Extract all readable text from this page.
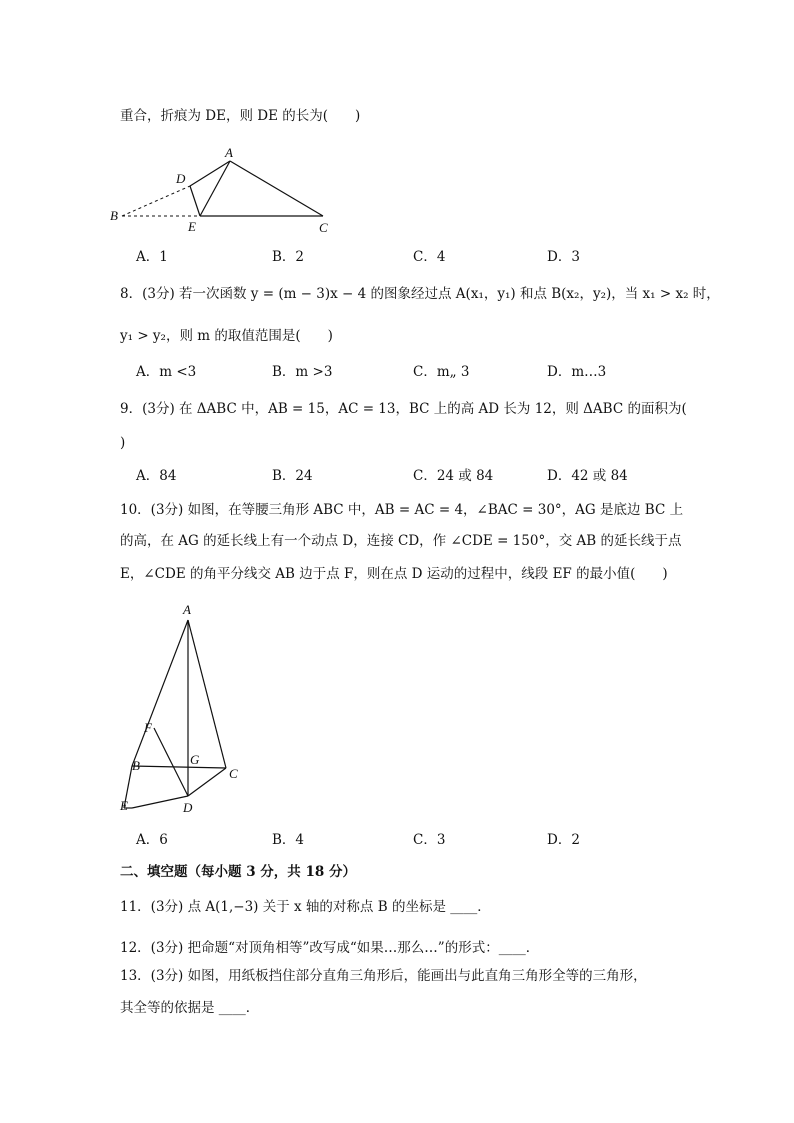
重合，折痕为 DE，则 DE 的长为(　　)
A
B
C
D
E
A．1	B．2	C．4	D．3
8．(3分) 若一次函数 y = (m − 3)x − 4 的图象经过点 A(x₁，y₁) 和点 B(x₂，y₂)，当 x₁ > x₂ 时，
y₁ > y₂，则 m 的取值范围是(　　)
A．m <3	B．m >3	C．m„ 3	D．m…3
9．(3分) 在 ΔABC 中，AB = 15，AC = 13，BC 上的高 AD 长为 12，则 ΔABC 的面积为(
)
A．84	B．24	C．24 或 84	D．42 或 84
10．(3分) 如图，在等腰三角形 ABC 中，AB = AC = 4，∠BAC = 30°，AG 是底边 BC 上
的高，在 AG 的延长线上有一个动点 D，连接 CD，作 ∠CDE = 150°，交 AB 的延长线于点
E，∠CDE 的角平分线交 AB 边于点 F，则在点 D 运动的过程中，线段 EF 的最小值(　　)
A
B
C
D
E
F
G
A．6	B．4	C．3	D．2
二、填空题（每小题 3 分，共 18 分）
11．(3分) 点 A(1,−3) 关于 x 轴的对称点 B 的坐标是 ____．
12．(3分) 把命题“对顶角相等”改写成“如果…那么…”的形式：____．
13．(3分) 如图，用纸板挡住部分直角三角形后，能画出与此直角三角形全等的三角形，
其全等的依据是 ____．
